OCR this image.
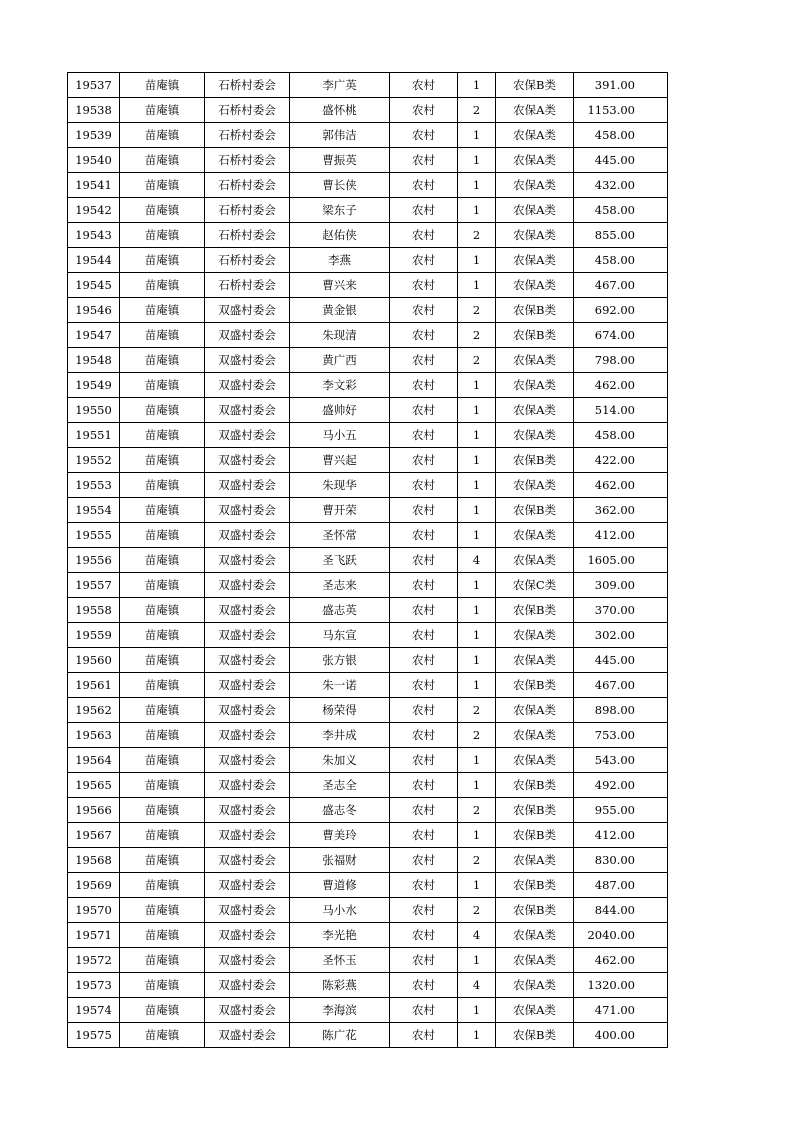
19537	苗庵镇	石桥村委会	李广英	农村	1	农保B类	391.00
19538	苗庵镇	石桥村委会	盛怀桃	农村	2	农保A类	1153.00
19539	苗庵镇	石桥村委会	郭伟洁	农村	1	农保A类	458.00
19540	苗庵镇	石桥村委会	曹振英	农村	1	农保A类	445.00
19541	苗庵镇	石桥村委会	曹长侠	农村	1	农保A类	432.00
19542	苗庵镇	石桥村委会	梁东子	农村	1	农保A类	458.00
19543	苗庵镇	石桥村委会	赵佑侠	农村	2	农保A类	855.00
19544	苗庵镇	石桥村委会	李燕	农村	1	农保A类	458.00
19545	苗庵镇	石桥村委会	曹兴来	农村	1	农保A类	467.00
19546	苗庵镇	双盛村委会	黄金银	农村	2	农保B类	692.00
19547	苗庵镇	双盛村委会	朱现清	农村	2	农保B类	674.00
19548	苗庵镇	双盛村委会	黄广西	农村	2	农保A类	798.00
19549	苗庵镇	双盛村委会	李文彩	农村	1	农保A类	462.00
19550	苗庵镇	双盛村委会	盛帅好	农村	1	农保A类	514.00
19551	苗庵镇	双盛村委会	马小五	农村	1	农保A类	458.00
19552	苗庵镇	双盛村委会	曹兴起	农村	1	农保B类	422.00
19553	苗庵镇	双盛村委会	朱现华	农村	1	农保A类	462.00
19554	苗庵镇	双盛村委会	曹开荣	农村	1	农保B类	362.00
19555	苗庵镇	双盛村委会	圣怀常	农村	1	农保A类	412.00
19556	苗庵镇	双盛村委会	圣飞跃	农村	4	农保A类	1605.00
19557	苗庵镇	双盛村委会	圣志来	农村	1	农保C类	309.00
19558	苗庵镇	双盛村委会	盛志英	农村	1	农保B类	370.00
19559	苗庵镇	双盛村委会	马东宣	农村	1	农保A类	302.00
19560	苗庵镇	双盛村委会	张方银	农村	1	农保A类	445.00
19561	苗庵镇	双盛村委会	朱一诺	农村	1	农保B类	467.00
19562	苗庵镇	双盛村委会	杨荣得	农村	2	农保A类	898.00
19563	苗庵镇	双盛村委会	李井成	农村	2	农保A类	753.00
19564	苗庵镇	双盛村委会	朱加义	农村	1	农保A类	543.00
19565	苗庵镇	双盛村委会	圣志全	农村	1	农保B类	492.00
19566	苗庵镇	双盛村委会	盛志冬	农村	2	农保B类	955.00
19567	苗庵镇	双盛村委会	曹美玲	农村	1	农保B类	412.00
19568	苗庵镇	双盛村委会	张福财	农村	2	农保A类	830.00
19569	苗庵镇	双盛村委会	曹道修	农村	1	农保B类	487.00
19570	苗庵镇	双盛村委会	马小水	农村	2	农保B类	844.00
19571	苗庵镇	双盛村委会	李光艳	农村	4	农保A类	2040.00
19572	苗庵镇	双盛村委会	圣怀玉	农村	1	农保A类	462.00
19573	苗庵镇	双盛村委会	陈彩燕	农村	4	农保A类	1320.00
19574	苗庵镇	双盛村委会	李海滨	农村	1	农保A类	471.00
19575	苗庵镇	双盛村委会	陈广花	农村	1	农保B类	400.00
